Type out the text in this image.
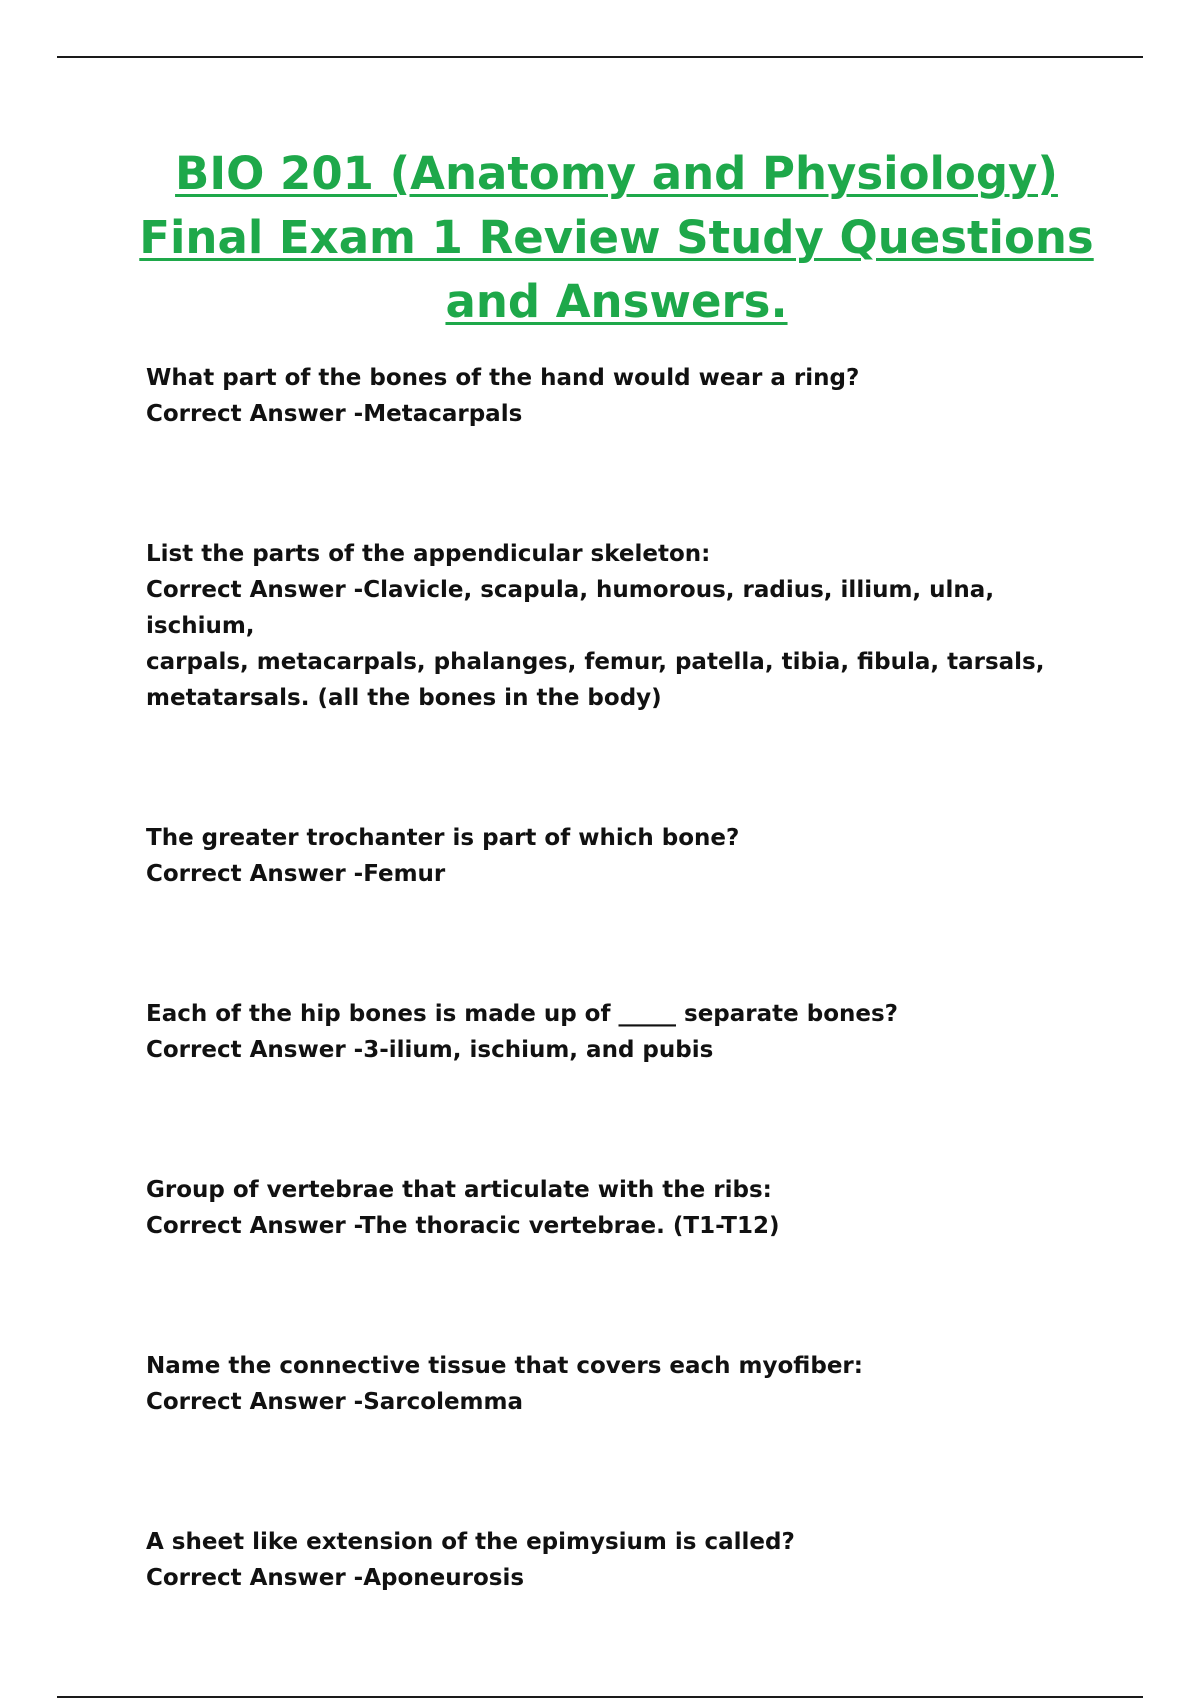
BIO 201 (Anatomy and Physiology)
Final Exam 1 Review Study Questions
and Answers.

What part of the bones of the hand would wear a ring?

Correct Answer -Metacarpals

List the parts of the appendicular skeleton:

Correct Answer -Clavicle, scapula, humorous, radius, illium, ulna, ischium,

carpals, metacarpals, phalanges, femur, patella, tibia, fibula, tarsals,

metatarsals. (all the bones in the body)

The greater trochanter is part of which bone?

Correct Answer -Femur

Each of the hip bones is made up of _____ separate bones?

Correct Answer -3-ilium, ischium, and pubis

Group of vertebrae that articulate with the ribs:

Correct Answer -The thoracic vertebrae. (T1-T12)

Name the connective tissue that covers each myofiber:

Correct Answer -Sarcolemma

A sheet like extension of the epimysium is called?

Correct Answer -Aponeurosis
